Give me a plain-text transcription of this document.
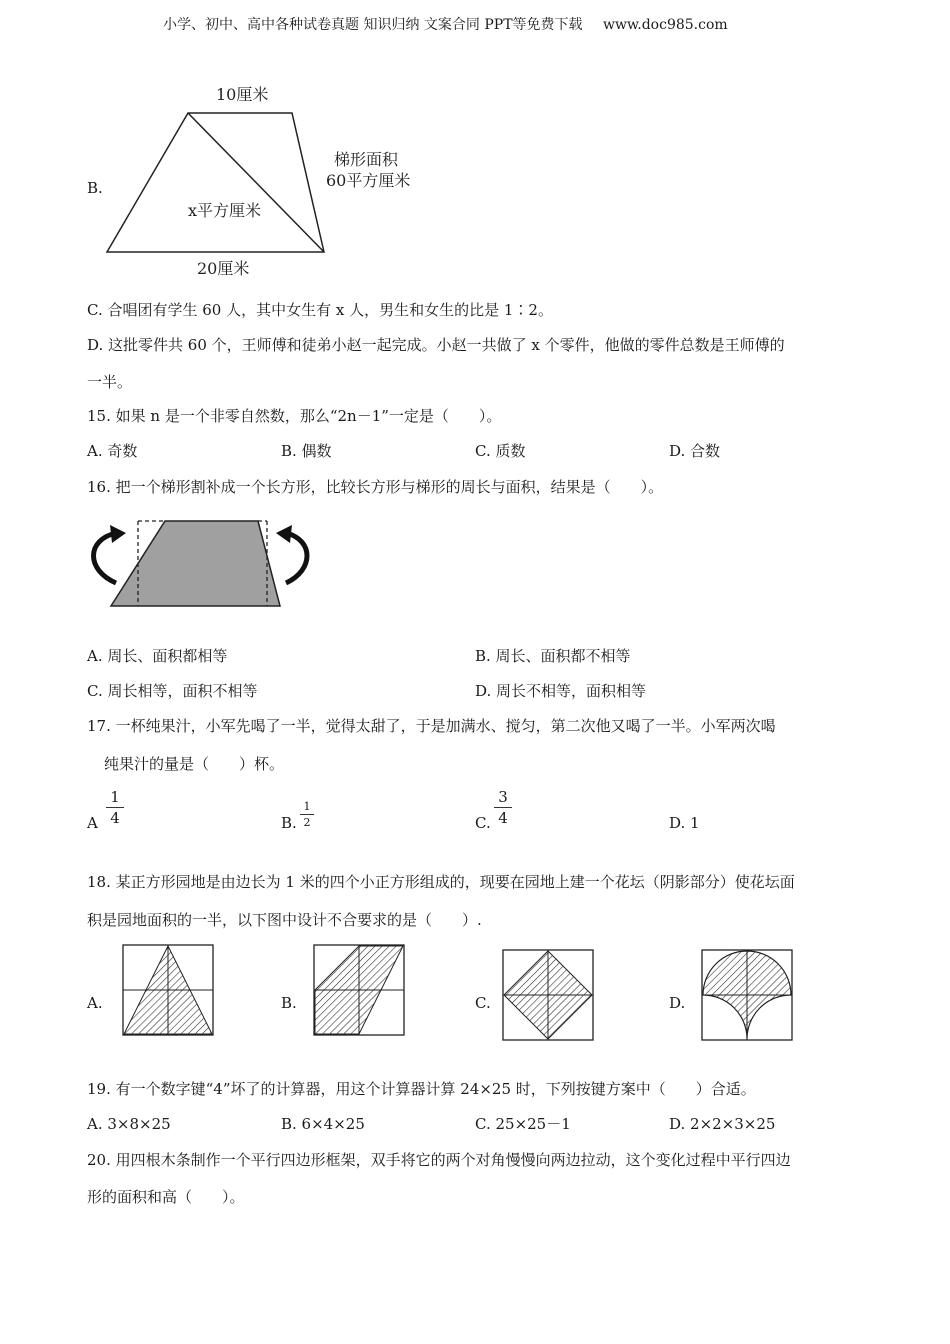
小学、初中、高中各种试卷真题 知识归纳 文案合同 PPT等免费下载 www.doc985.com
B.
10厘米
20厘米
x平方厘米
梯形面积
60平方厘米
C. 合唱团有学生 60 人，其中女生有 x 人，男生和女生的比是 1∶2。
D. 这批零件共 60 个，王师傅和徒弟小赵一起完成。小赵一共做了 x 个零件，他做的零件总数是王师傅的
一半。
15. 如果 n 是一个非零自然数，那么“2n－1”一定是（　　）。
A. 奇数	B. 偶数	C. 质数	D. 合数
16. 把一个梯形割补成一个长方形，比较长方形与梯形的周长与面积，结果是（　　）。
A. 周长、面积都相等	B. 周长、面积都不相等
C. 周长相等，面积不相等	D. 周长不相等，面积相等
17. 一杯纯果汁，小军先喝了一半，觉得太甜了，于是加满水、搅匀，第二次他又喝了一半。小军两次喝
纯果汁的量是（　　）杯。
A
1
4	B.
1
2	C.
3
4	D. 1
18. 某正方形园地是由边长为 1 米的四个小正方形组成的，现要在园地上建一个花坛（阴影部分）使花坛面
积是园地面积的一半，以下图中设计不合要求的是（　　）.
A.	B.	C.	D.
19. 有一个数字键“4”坏了的计算器，用这个计算器计算 24×25 时，下列按键方案中（　　）合适。
A. 3×8×25	B. 6×4×25	C. 25×25－1	D. 2×2×3×25
20. 用四根木条制作一个平行四边形框架，双手将它的两个对角慢慢向两边拉动，这个变化过程中平行四边
形的面积和高（　　）。
